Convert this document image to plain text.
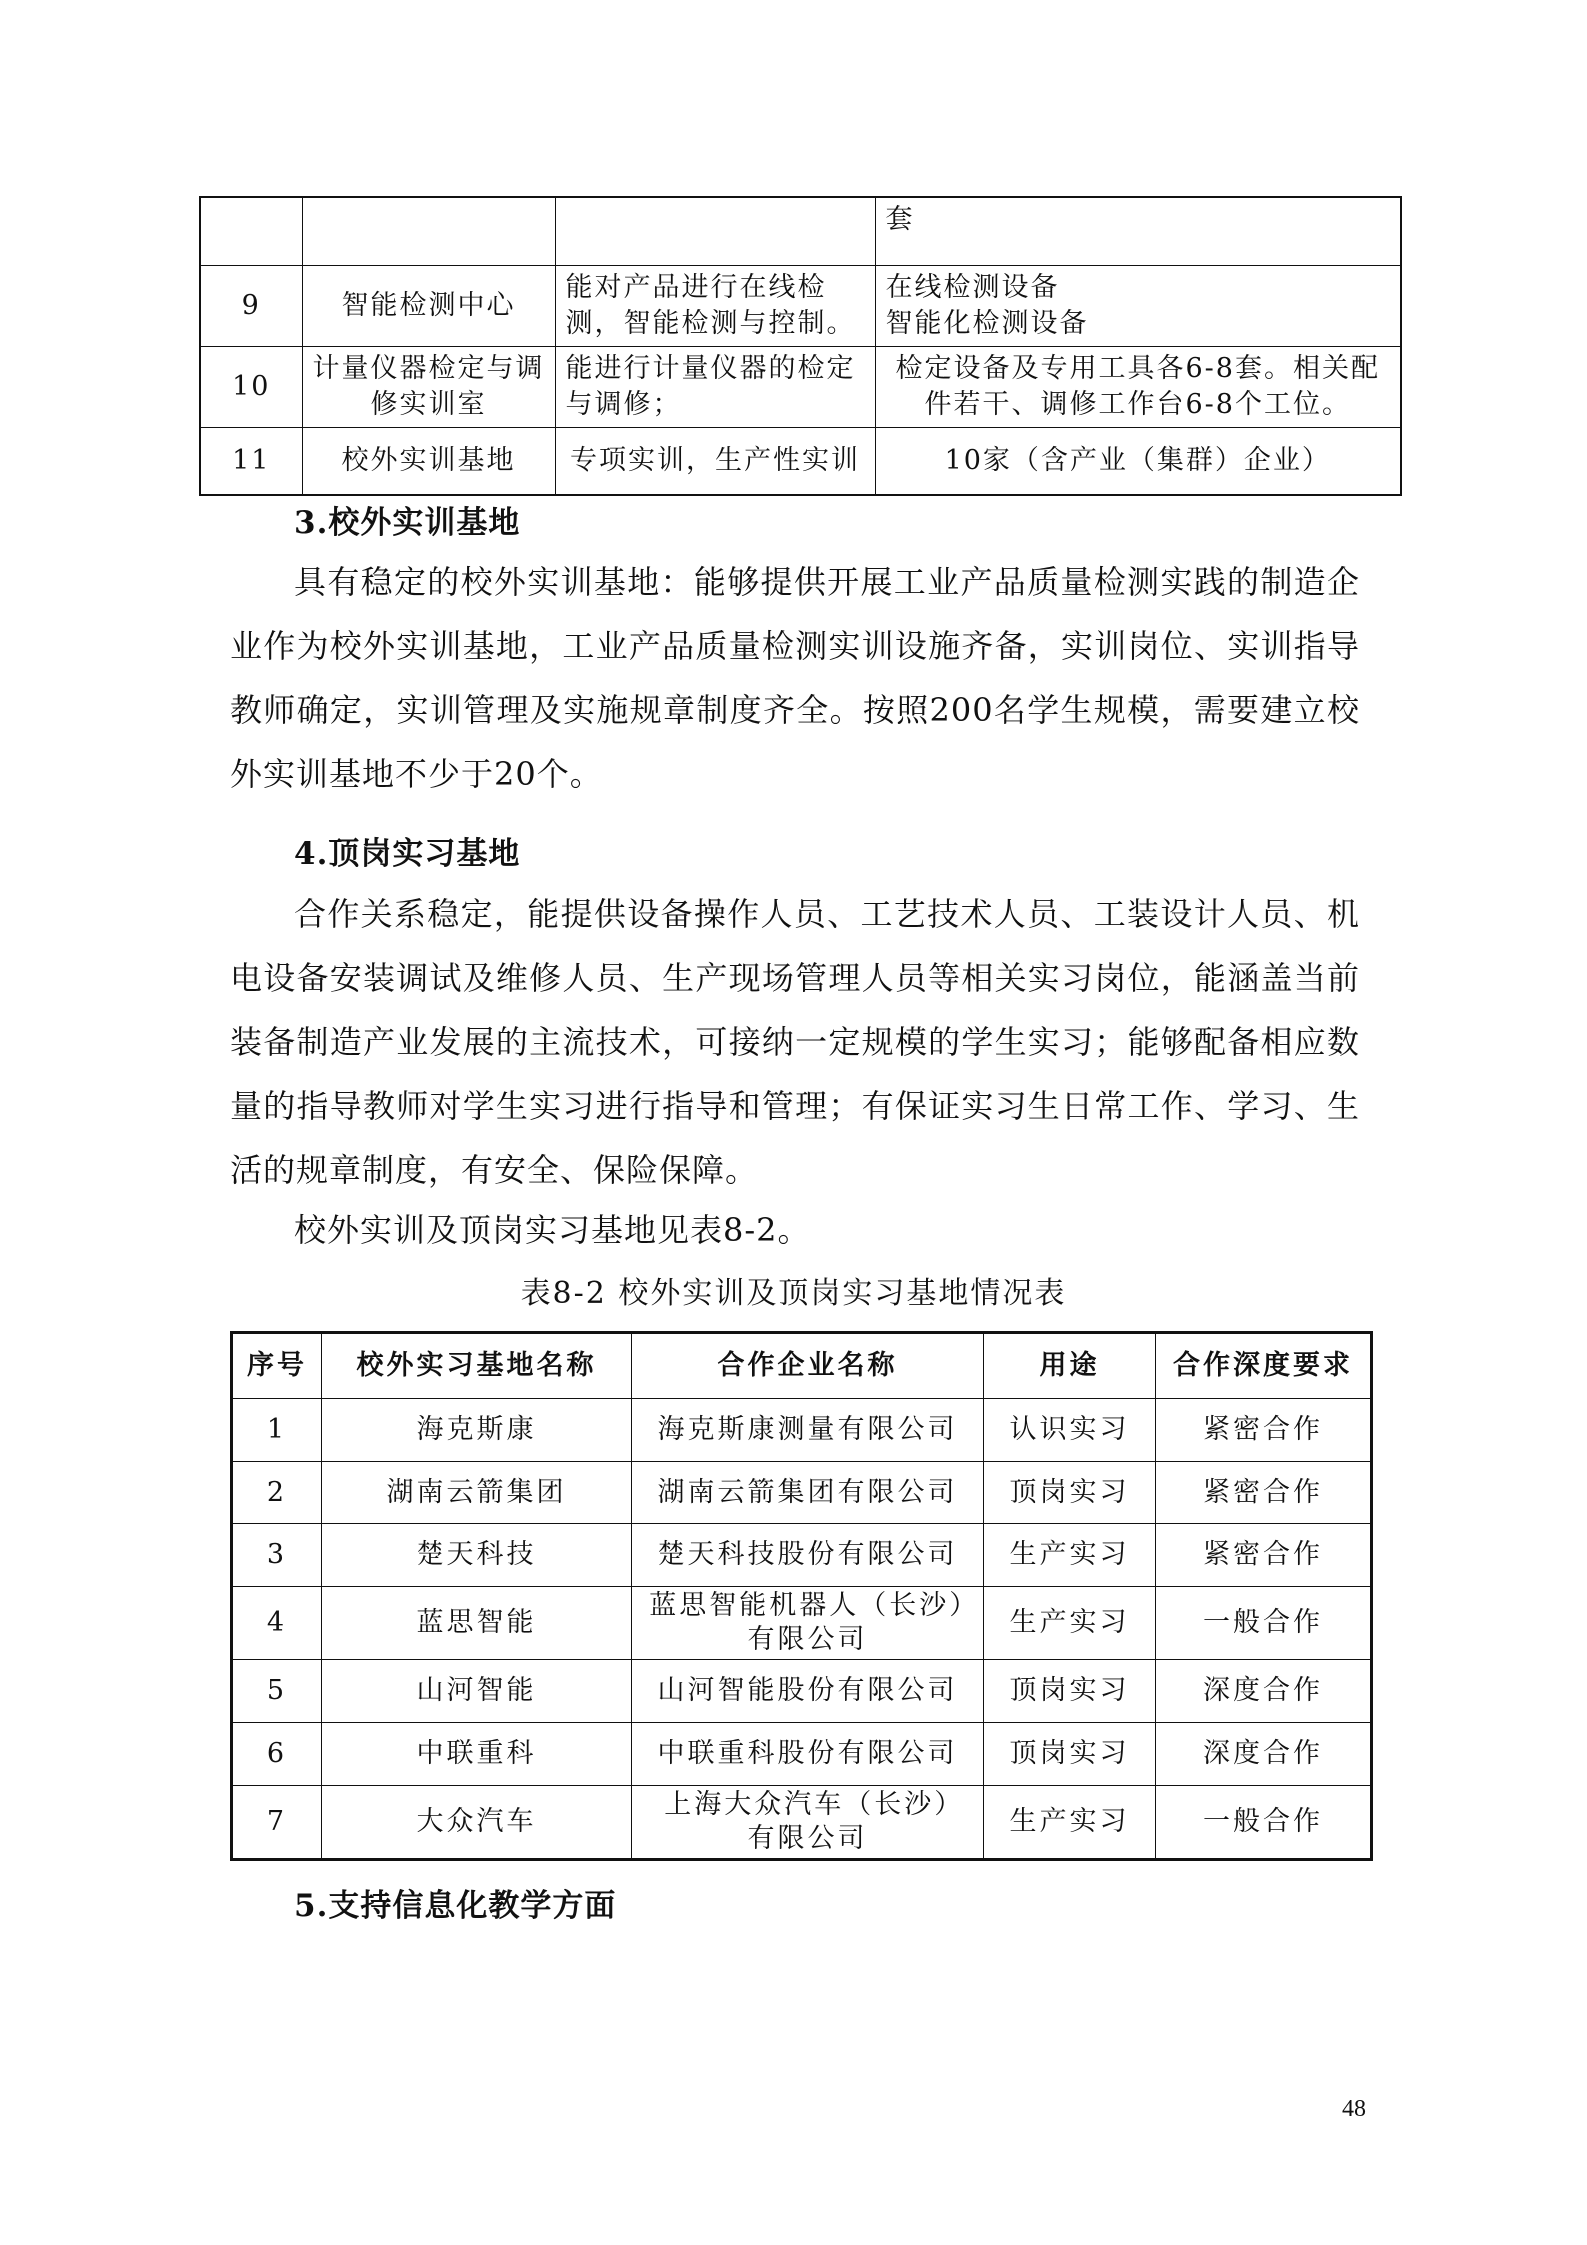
			套
9	智能检测中心	能对产品进行在线检测，智能检测与控制。	在线检测设备
智能化检测设备

10	计量仪器检定与调修实训室	能进行计量仪器的检定与调修；	检定设备及专用工具各6-8套。相关配件若干、调修工作台6-8个工位。
11	校外实训基地	专项实训，生产性实训	10家（含产业（集群）企业）
3.校外实训基地
具有稳定的校外实训基地：能够提供开展工业产品质量检测实践的制造企业作为校外实训基地，工业产品质量检测实训设施齐备，实训岗位、实训指导教师确定，实训管理及实施规章制度齐全。按照200名学生规模，需要建立校外实训基地不少于20个。
4.顶岗实习基地
合作关系稳定，能提供设备操作人员、工艺技术人员、工装设计人员、机电设备安装调试及维修人员、生产现场管理人员等相关实习岗位，能涵盖当前装备制造产业发展的主流技术，可接纳一定规模的学生实习；能够配备相应数量的指导教师对学生实习进行指导和管理；有保证实习生日常工作、学习、生活的规章制度，有安全、保险保障。
校外实训及顶岗实习基地见表8-2。
表8-2 校外实训及顶岗实习基地情况表
序号	校外实习基地名称	合作企业名称	用途	合作深度要求
1	海克斯康	海克斯康测量有限公司	认识实习	紧密合作
2	湖南云箭集团	湖南云箭集团有限公司	顶岗实习	紧密合作
3	楚天科技	楚天科技股份有限公司	生产实习	紧密合作
4	蓝思智能	蓝思智能机器人（长沙）有限公司	生产实习	一般合作
5	山河智能	山河智能股份有限公司	顶岗实习	深度合作
6	中联重科	中联重科股份有限公司	顶岗实习	深度合作
7	大众汽车	上海大众汽车（长沙）有限公司	生产实习	一般合作
5.支持信息化教学方面
48
